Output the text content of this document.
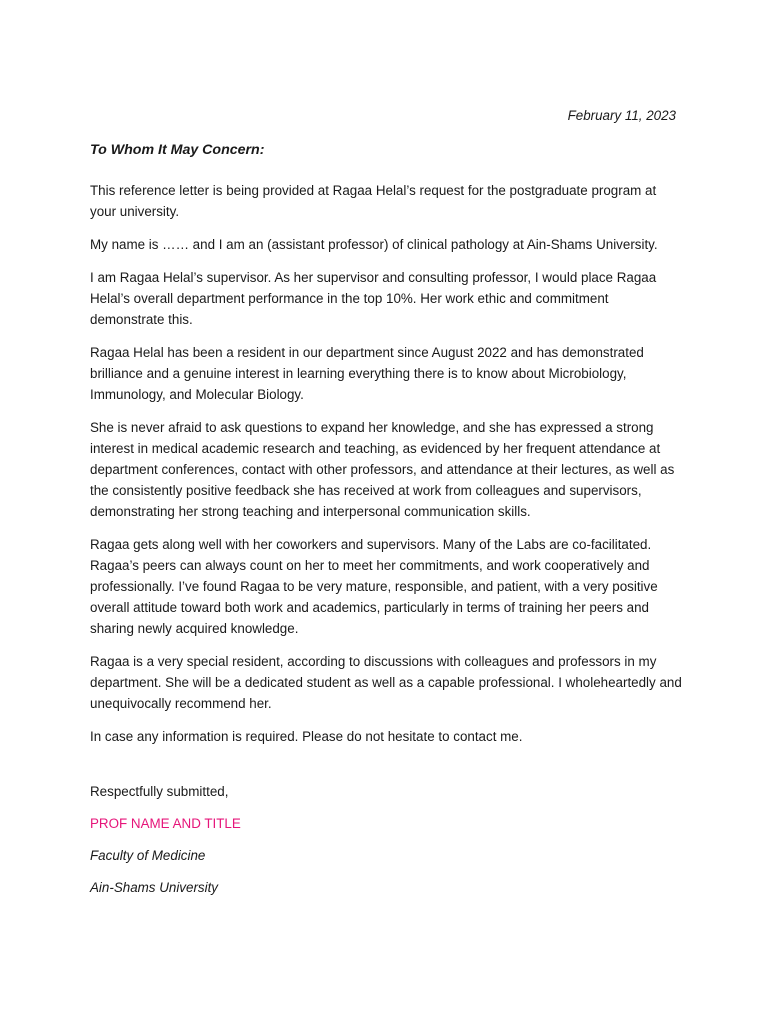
February 11, 2023

To Whom It May Concern:

This reference letter is being provided at Ragaa Helal’s request for the postgraduate program at your university.

My name is …… and I am an (assistant professor) of clinical pathology at Ain-Shams University.

I am Ragaa Helal’s supervisor. As her supervisor and consulting professor, I would place Ragaa Helal’s overall department performance in the top 10%. Her work ethic and commitment demonstrate this.

Ragaa Helal has been a resident in our department since August 2022 and has demonstrated brilliance and a genuine interest in learning everything there is to know about Microbiology, Immunology, and Molecular Biology.

She is never afraid to ask questions to expand her knowledge, and she has expressed a strong interest in medical academic research and teaching, as evidenced by her frequent attendance at department conferences, contact with other professors, and attendance at their lectures, as well as the consistently positive feedback she has received at work from colleagues and supervisors, demonstrating her strong teaching and interpersonal communication skills.

Ragaa gets along well with her coworkers and supervisors. Many of the Labs are co-facilitated. Ragaa’s peers can always count on her to meet her commitments, and work cooperatively and professionally. I’ve found Ragaa to be very mature, responsible, and patient, with a very positive overall attitude toward both work and academics, particularly in terms of training her peers and sharing newly acquired knowledge.

Ragaa is a very special resident, according to discussions with colleagues and professors in my department. She will be a dedicated student as well as a capable professional. I wholeheartedly and unequivocally recommend her.

In case any information is required. Please do not hesitate to contact me.

Respectfully submitted,

PROF NAME AND TITLE

Faculty of Medicine

Ain-Shams University
